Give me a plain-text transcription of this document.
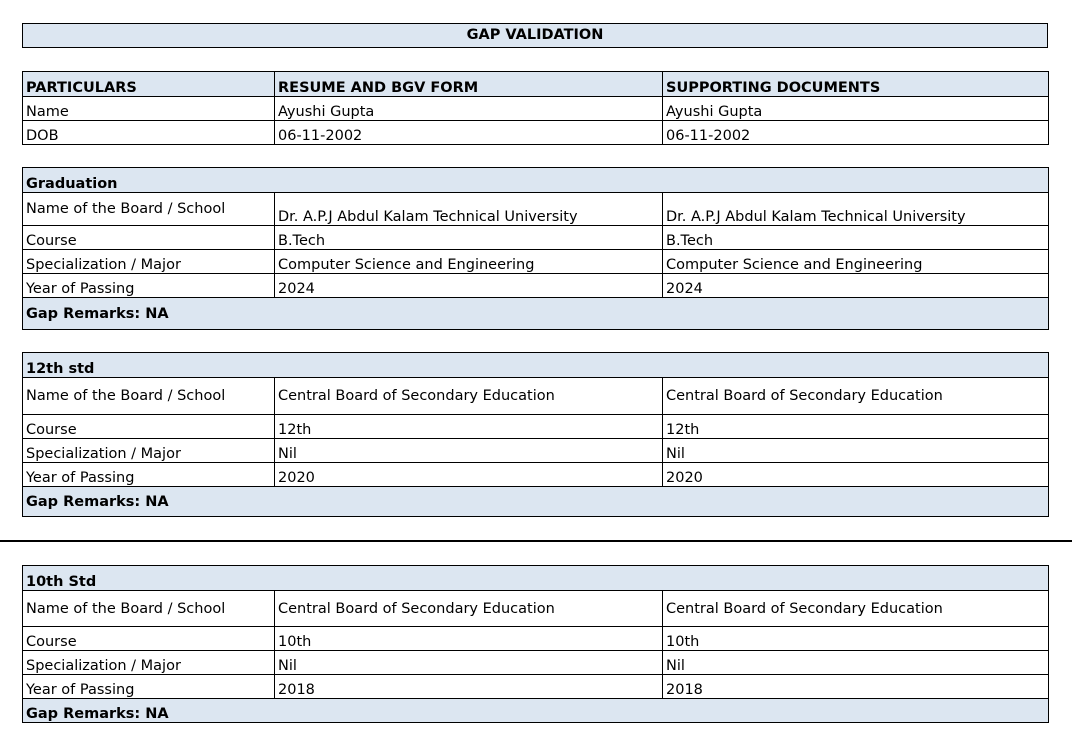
GAP VALIDATION
PARTICULARS	RESUME AND BGV FORM	SUPPORTING DOCUMENTS
Name	Ayushi Gupta	Ayushi Gupta
DOB	06-11-2002	06-11-2002
Graduation		
Name of the Board / School	Dr. A.P.J Abdul Kalam Technical University	Dr. A.P.J Abdul Kalam Technical University
Course	B.Tech	B.Tech
Specialization / Major	Computer Science and Engineering	Computer Science and Engineering
Year of Passing	2024	2024
Gap Remarks: NA		
12th std		
Name of the Board / School	Central Board of Secondary Education	Central Board of Secondary Education
Course	12th	12th
Specialization / Major	Nil	Nil
Year of Passing	2020	2020
Gap Remarks: NA		
10th Std		
Name of the Board / School	Central Board of Secondary Education	Central Board of Secondary Education
Course	10th	10th
Specialization / Major	Nil	Nil
Year of Passing	2018	2018
Gap Remarks: NA		
